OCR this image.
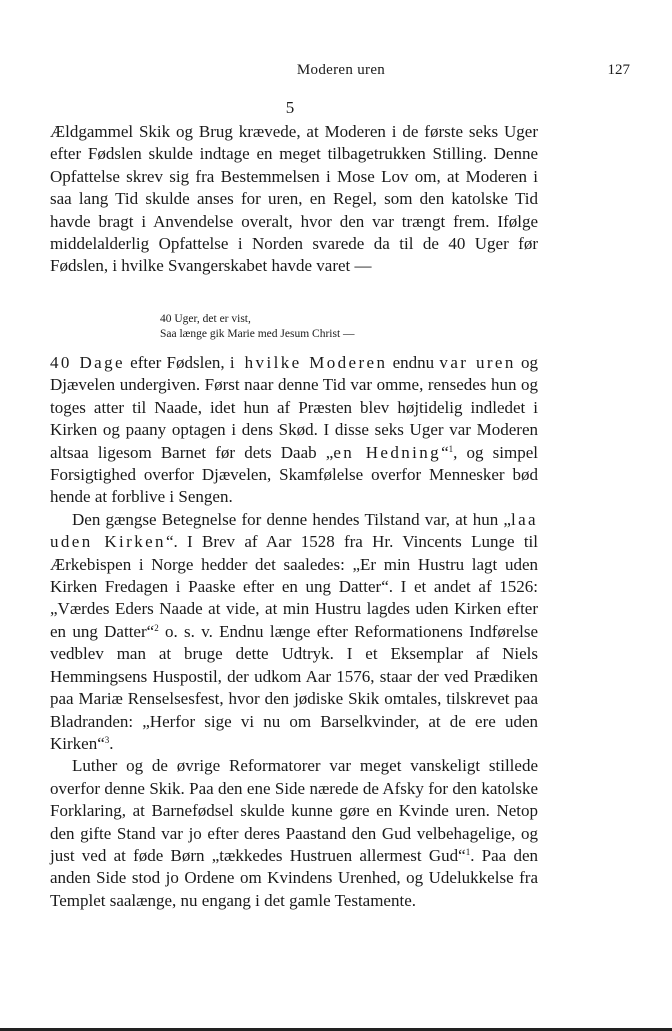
Moderen uren	127
5

Ældgammel Skik og Brug krævede, at Moderen i de første seks Uger efter Fødslen skulde indtage en meget tilbagetrukken Stilling. Denne Opfattelse skrev sig fra Bestemmelsen i Mose Lov om, at Moderen i saa lang Tid skulde anses for uren, en Regel, som den katolske Tid havde bragt i Anvendelse overalt, hvor den var trængt frem. Ifølge middelalderlig Opfattelse i Norden svarede da til de 40 Uger før Fødslen, i hvilke Svangerskabet havde varet —

40 Uger, det er vist,
Saa længe gik Marie med Jesum Christ —

40 Dage efter Fødslen, i hvilke Moderen endnu var uren og Djævelen undergiven. Først naar denne Tid var omme, rensedes hun og toges atter til Naade, idet hun af Præsten blev højtidelig indledet i Kirken og paany optagen i dens Skød. I disse seks Uger var Moderen altsaa ligesom Barnet før dets Daab „en Hedning“$^1$, og simpel Forsigtighed overfor Djævelen, Skamfølelse overfor Mennesker bød hende at forblive i Sengen.

Den gængse Betegnelse for denne hendes Tilstand var, at hun „laa uden Kirken“. I Brev af Aar 1528 fra Hr. Vincents Lunge til Ærkebispen i Norge hedder det saaledes: „Er min Hustru lagt uden Kirken Fredagen i Paaske efter en ung Datter“. I et andet af 1526: „Værdes Eders Naade at vide, at min Hustru lagdes uden Kirken efter en ung Datter“$^2$ o. s. v. Endnu længe efter Reformationens Indførelse vedblev man at bruge dette Udtryk. I et Eksemplar af Niels Hemmingsens Huspostil, der udkom Aar 1576, staar der ved Prædiken paa Mariæ Renselsesfest, hvor den jødiske Skik omtales, tilskrevet paa Bladranden: „Herfor sige vi nu om Barselkvinder, at de ere uden Kirken“$^3$.

Luther og de øvrige Reformatorer var meget vanskeligt stillede overfor denne Skik. Paa den ene Side nærede de Afsky for den katolske Forklaring, at Barnefødsel skulde kunne gøre en Kvinde uren. Netop den gifte Stand var jo efter deres Paastand den Gud velbehagelige, og just ved at føde Børn „tækkedes Hustruen allermest Gud“$^1$. Paa den anden Side stod jo Ordene om Kvindens Urenhed, og Udelukkelse fra Templet saalænge, nu engang i det gamle Testamente.
